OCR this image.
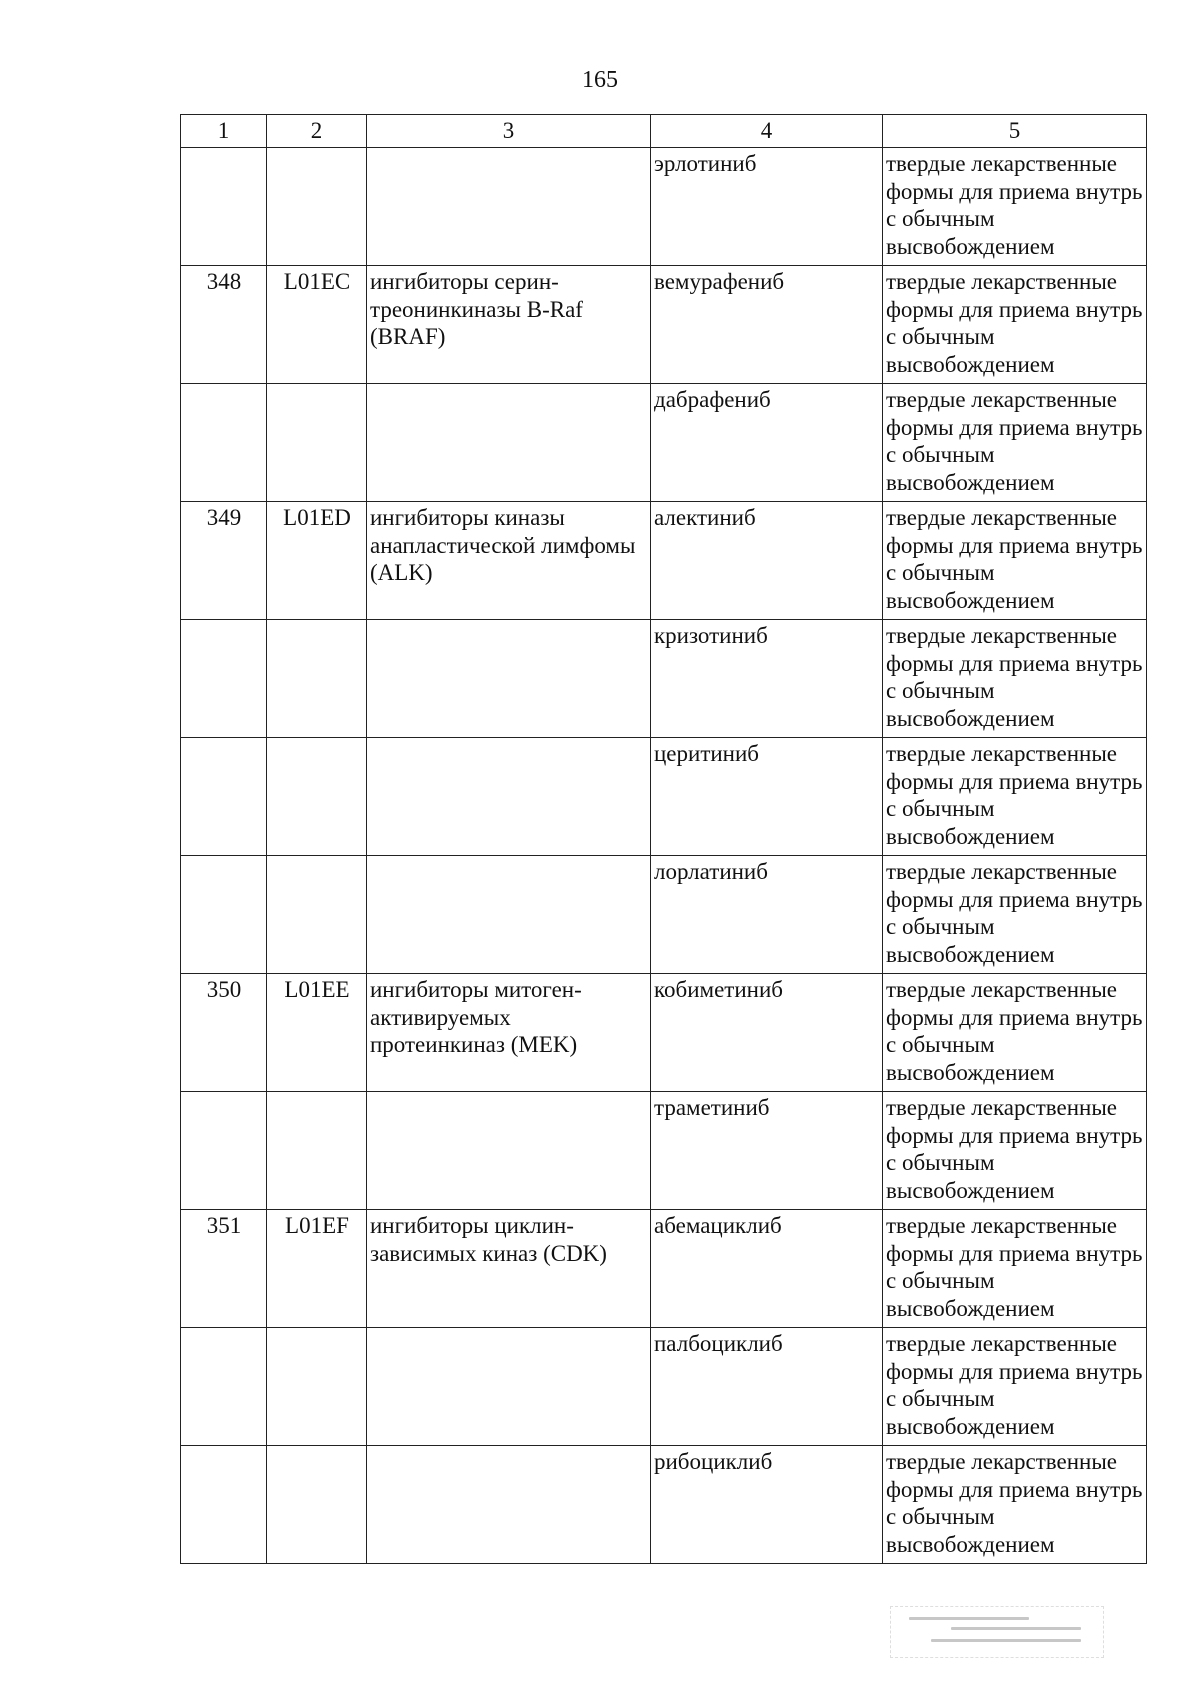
165
1	2	3	4	5
			эрлотиниб	твердые лекарственные формы для приема внутрь с обычным высвобождением
348	L01EC	ингибиторы серин-треонинкиназы B-Raf (BRAF)	вемурафениб	твердые лекарственные формы для приема внутрь с обычным высвобождением
			дабрафениб	твердые лекарственные формы для приема внутрь с обычным высвобождением
349	L01ED	ингибиторы киназы анапластической лимфомы (ALK)	алектиниб	твердые лекарственные формы для приема внутрь с обычным высвобождением
			кризотиниб	твердые лекарственные формы для приема внутрь с обычным высвобождением
			церитиниб	твердые лекарственные формы для приема внутрь с обычным высвобождением
			лорлатиниб	твердые лекарственные формы для приема внутрь с обычным высвобождением
350	L01EE	ингибиторы митоген-активируемых протеинкиназ (MEK)	кобиметиниб	твердые лекарственные формы для приема внутрь с обычным высвобождением
			траметиниб	твердые лекарственные формы для приема внутрь с обычным высвобождением
351	L01EF	ингибиторы циклин-зависимых киназ (CDK)	абемациклиб	твердые лекарственные формы для приема внутрь с обычным высвобождением
			палбоциклиб	твердые лекарственные формы для приема внутрь с обычным высвобождением
			рибоциклиб	твердые лекарственные формы для приема внутрь с обычным высвобождением
